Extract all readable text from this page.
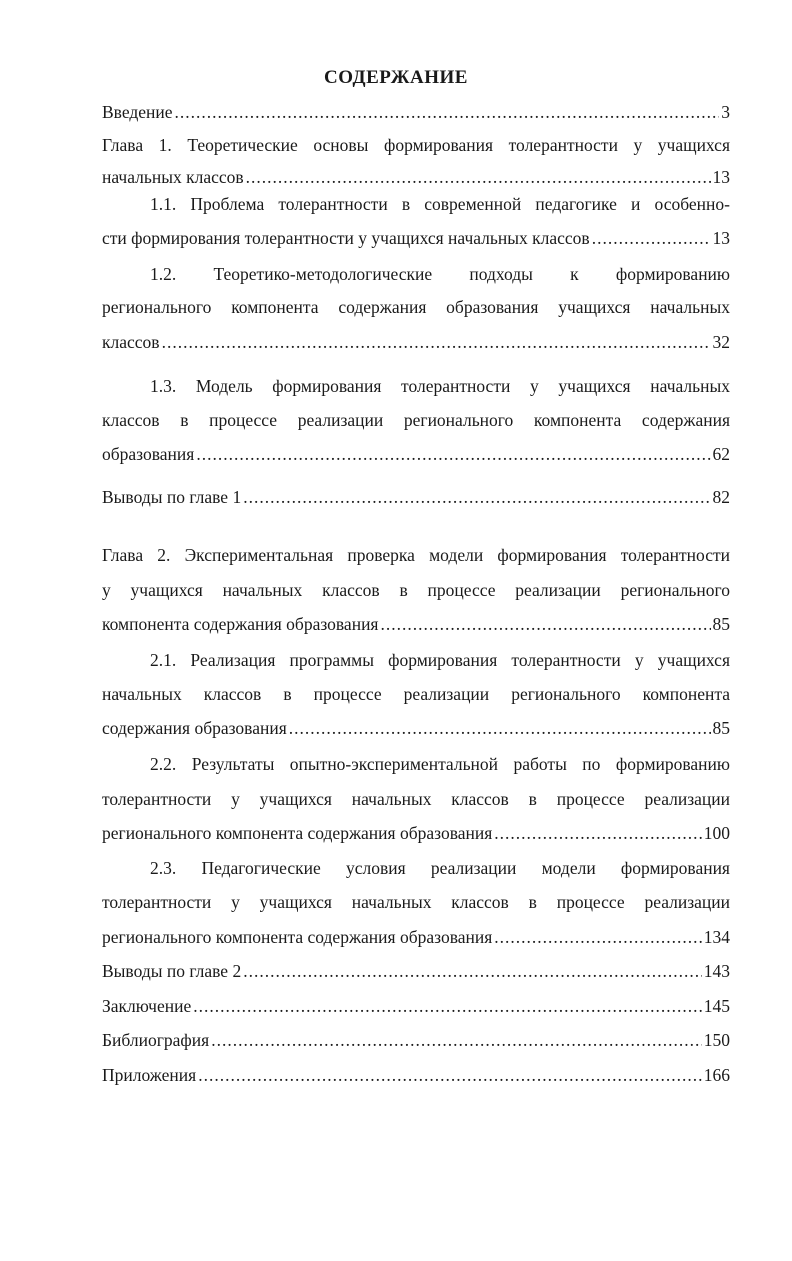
СОДЕРЖАНИЕ
Введение .....	3
Глава 1. Теоретические основы формирования толерантности у учащихся
начальных классов .....	13
1.1. Проблема толерантности в современной педагогике и особенно-
сти формирования толерантности у учащихся начальных классов .....	13
1.2. Теоретико-методологические подходы к формированию
регионального компонента содержания образования учащихся начальных
классов .....	32
1.3. Модель формирования толерантности у учащихся начальных
классов в процессе реализации регионального компонента содержания
образования .....	62
Выводы по главе 1 .....	82
Глава 2. Экспериментальная проверка модели формирования толерантности
у учащихся начальных классов в процессе реализации регионального
компонента содержания образования .....	85
2.1. Реализация программы формирования толерантности у учащихся
начальных классов в процессе реализации регионального компонента
содержания образования .....	85
2.2. Результаты опытно-экспериментальной работы по формированию
толерантности у учащихся начальных классов в процессе реализации
регионального компонента содержания образования .....	100
2.3. Педагогические условия реализации модели формирования
толерантности у учащихся начальных классов в процессе реализации
регионального компонента содержания образования .....	134
Выводы по главе 2 .....	143
Заключение .....	145
Библиография .....	150
Приложения .....	166
